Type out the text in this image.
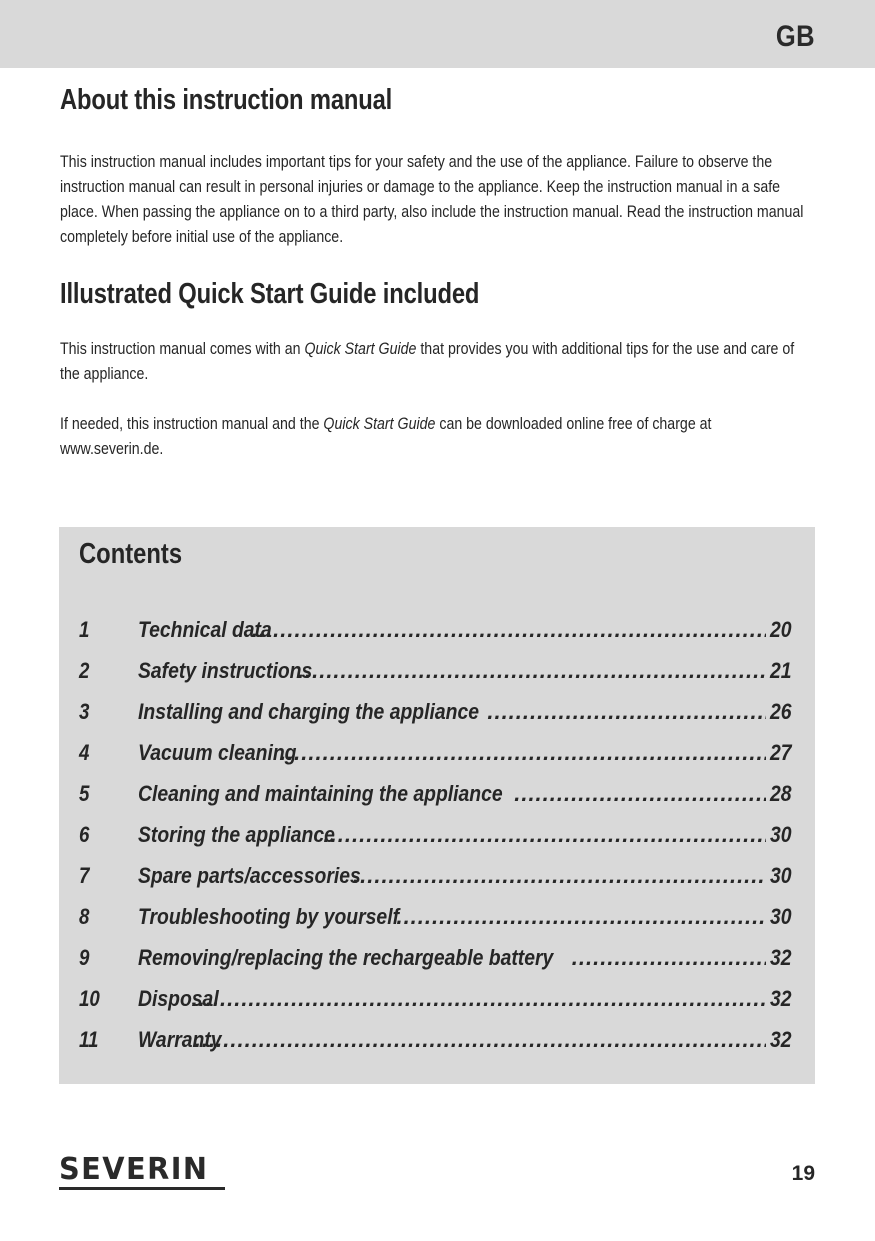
GB
About this instruction manual

This instruction manual includes important tips for your safety and the use of the appliance. Failure to observe the instruction manual can result in personal injuries or damage to the appliance. Keep the instruction manual in a safe place. When passing the appliance on to a third party, also include the instruction manual. Read the instruction manual completely before initial use of the appliance.

Illustrated Quick Start Guide included

This instruction manual comes with an Quick Start Guide that provides you with additional tips for the use and care of the appliance.

If needed, this instruction manual and the Quick Start Guide can be downloaded online free of charge at www.severin.de.

Contents
1 Technical data .....	20
2 Safety instructions .....	21
3 Installing and charging the appliance .....	26
4 Vacuum cleaning .....	27
5 Cleaning and maintaining the appliance .....	28
6 Storing the appliance .....	30
7 Spare parts/accessories .....	30
8 Troubleshooting by yourself .....	30
9 Removing/replacing the rechargeable battery .....	32
10 Disposal .....	32
11 Warranty .....	32
SEVERIN	19
